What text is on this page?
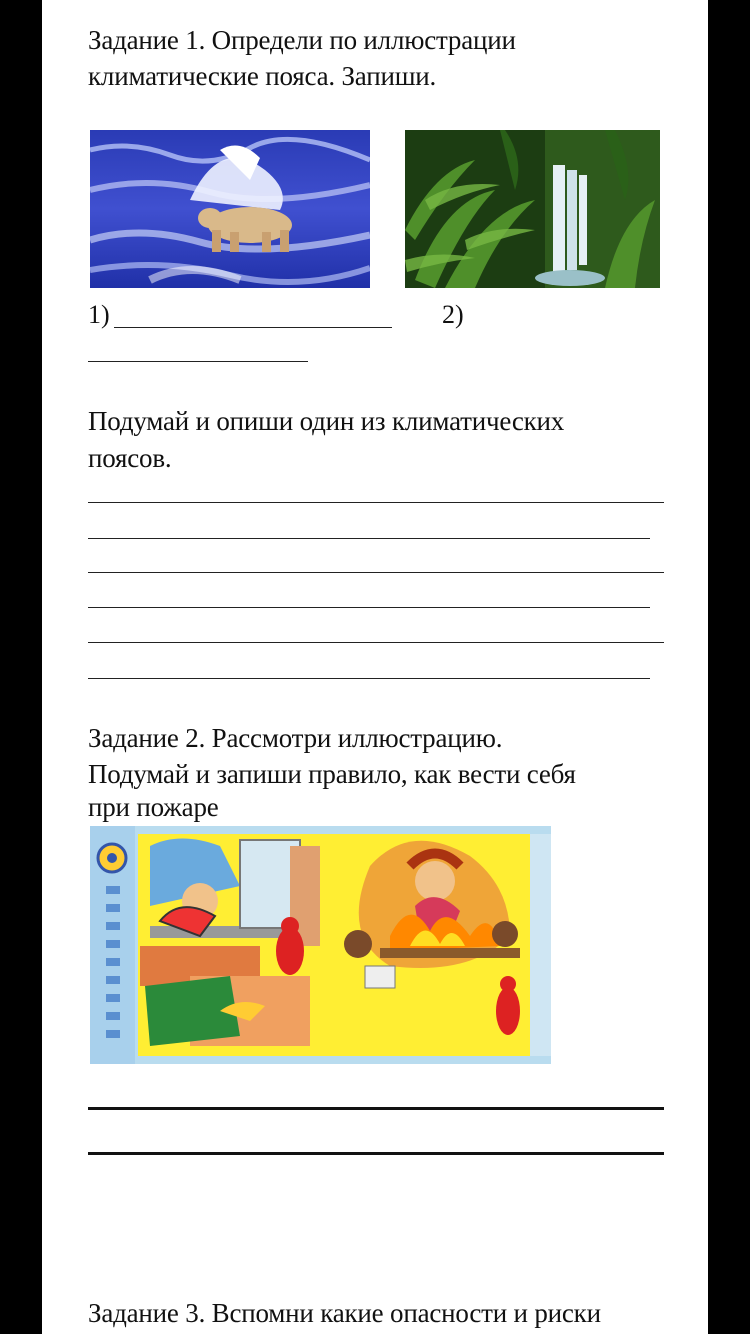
Задание 1. Определи по иллюстрации

климатические пояса. Запиши.

1)	2)

Подумай и опиши один из климатических

поясов.

Задание 2. Рассмотри иллюстрацию.

Подумай и запиши правило, как вести себя

при пожаре

Задание 3. Вспомни какие опасности и риски
